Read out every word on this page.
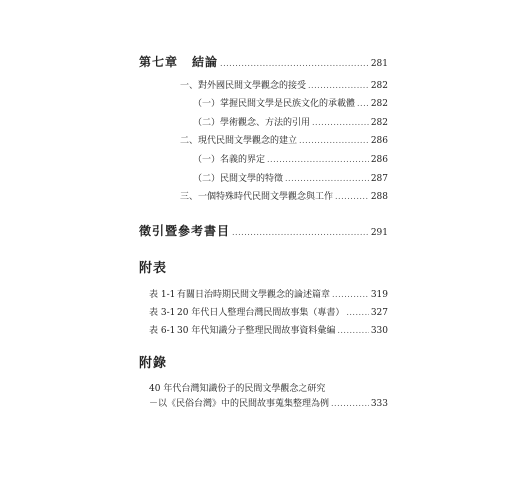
第七章 結論 .....	281
一、對外國民間文學觀念的接受 .....	282
（一）掌握民間文學是民族文化的承載體 ..... 282
（二）學術觀念、方法的引用 .....	282
二、現代民間文學觀念的建立 .....	286
（一）名義的界定 .....	286
（二）民間文學的特徵 .....	287
三、一個特殊時代民間文學觀念與工作 .....	288
徵引暨參考書目 .....	291
附表
表 1-1 有關日治時期民間文學觀念的論述篇章 .....	319
表 3-1 20 年代日人整理台灣民間故事集（專書） .....	327
表 6-1 30 年代知識分子整理民間故事資料彙編 .....	330
附錄
40 年代台灣知識份子的民間文學觀念之研究
－以《民俗台灣》中的民間故事蒐集整理為例 .....	333
